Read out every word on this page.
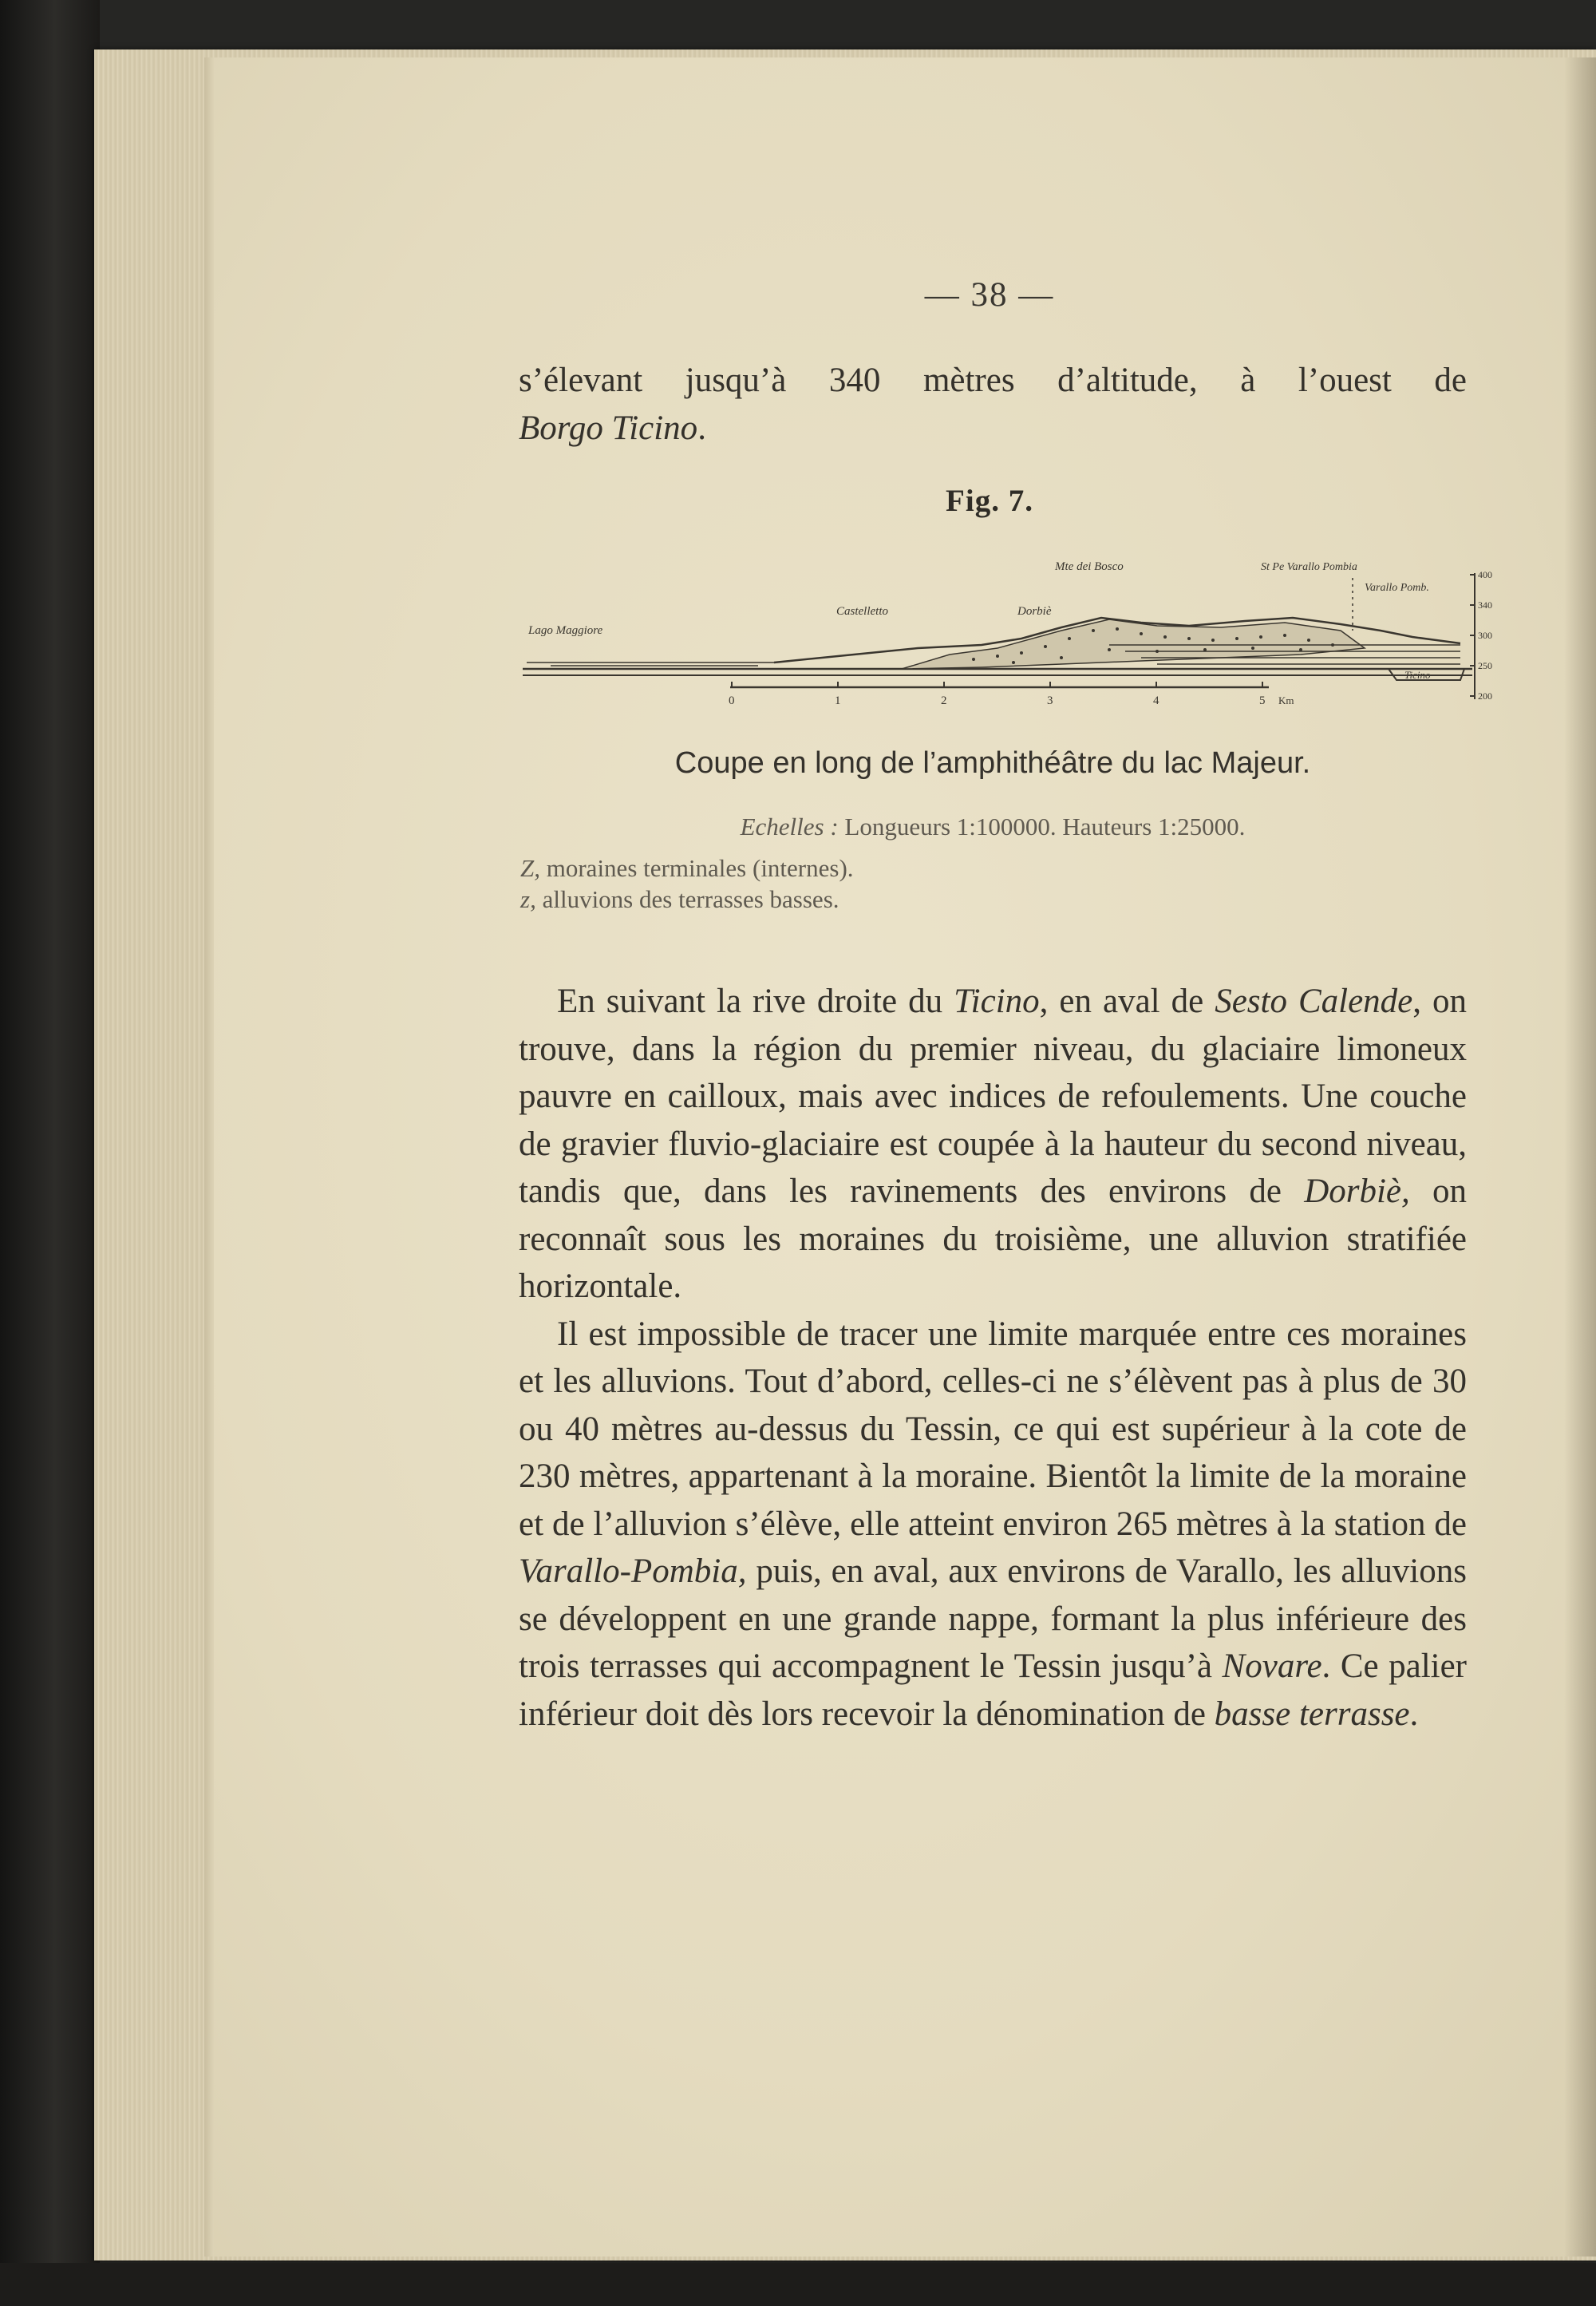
— 38 —

s’élevant jusqu’à 340 mètres d’altitude, à l’ouest de

Borgo Ticino.

Fig. 7.
0	1	2	3	4	5 Km
400
340
300
250
200
Lago Maggiore
Castelletto	Dorbiè
Mte dei Bosco	St Pe Varallo Pombia
Varallo Pomb.
Ticino
Coupe en long de l’amphithéâtre du lac Majeur.
Echelles : Longueurs 1:100000. Hauteurs 1:25000.
Z, moraines terminales (internes).
z, alluvions des terrasses basses.

En suivant la rive droite du Ticino, en aval de Sesto Calende, on trouve, dans la région du premier niveau, du glaciaire limoneux pauvre en cailloux, mais avec indices de refoulements. Une couche de gravier fluvio-glaciaire est coupée à la hauteur du second niveau, tandis que, dans les ravinements des environs de Dorbiè, on reconnaît sous les moraines du troisième, une alluvion stratifiée horizontale.

Il est impossible de tracer une limite marquée entre ces moraines et les alluvions. Tout d’abord, celles-ci ne s’élèvent pas à plus de 30 ou 40 mètres au-dessus du Tessin, ce qui est supérieur à la cote de 230 mètres, appartenant à la moraine. Bientôt la limite de la moraine et de l’alluvion s’élève, elle atteint environ 265 mètres à la station de Varallo-Pombia, puis, en aval, aux environs de Varallo, les alluvions se développent en une grande nappe, formant la plus inférieure des trois terrasses qui accompagnent le Tessin jusqu’à Novare. Ce palier inférieur doit dès lors recevoir la dénomination de basse terrasse.
